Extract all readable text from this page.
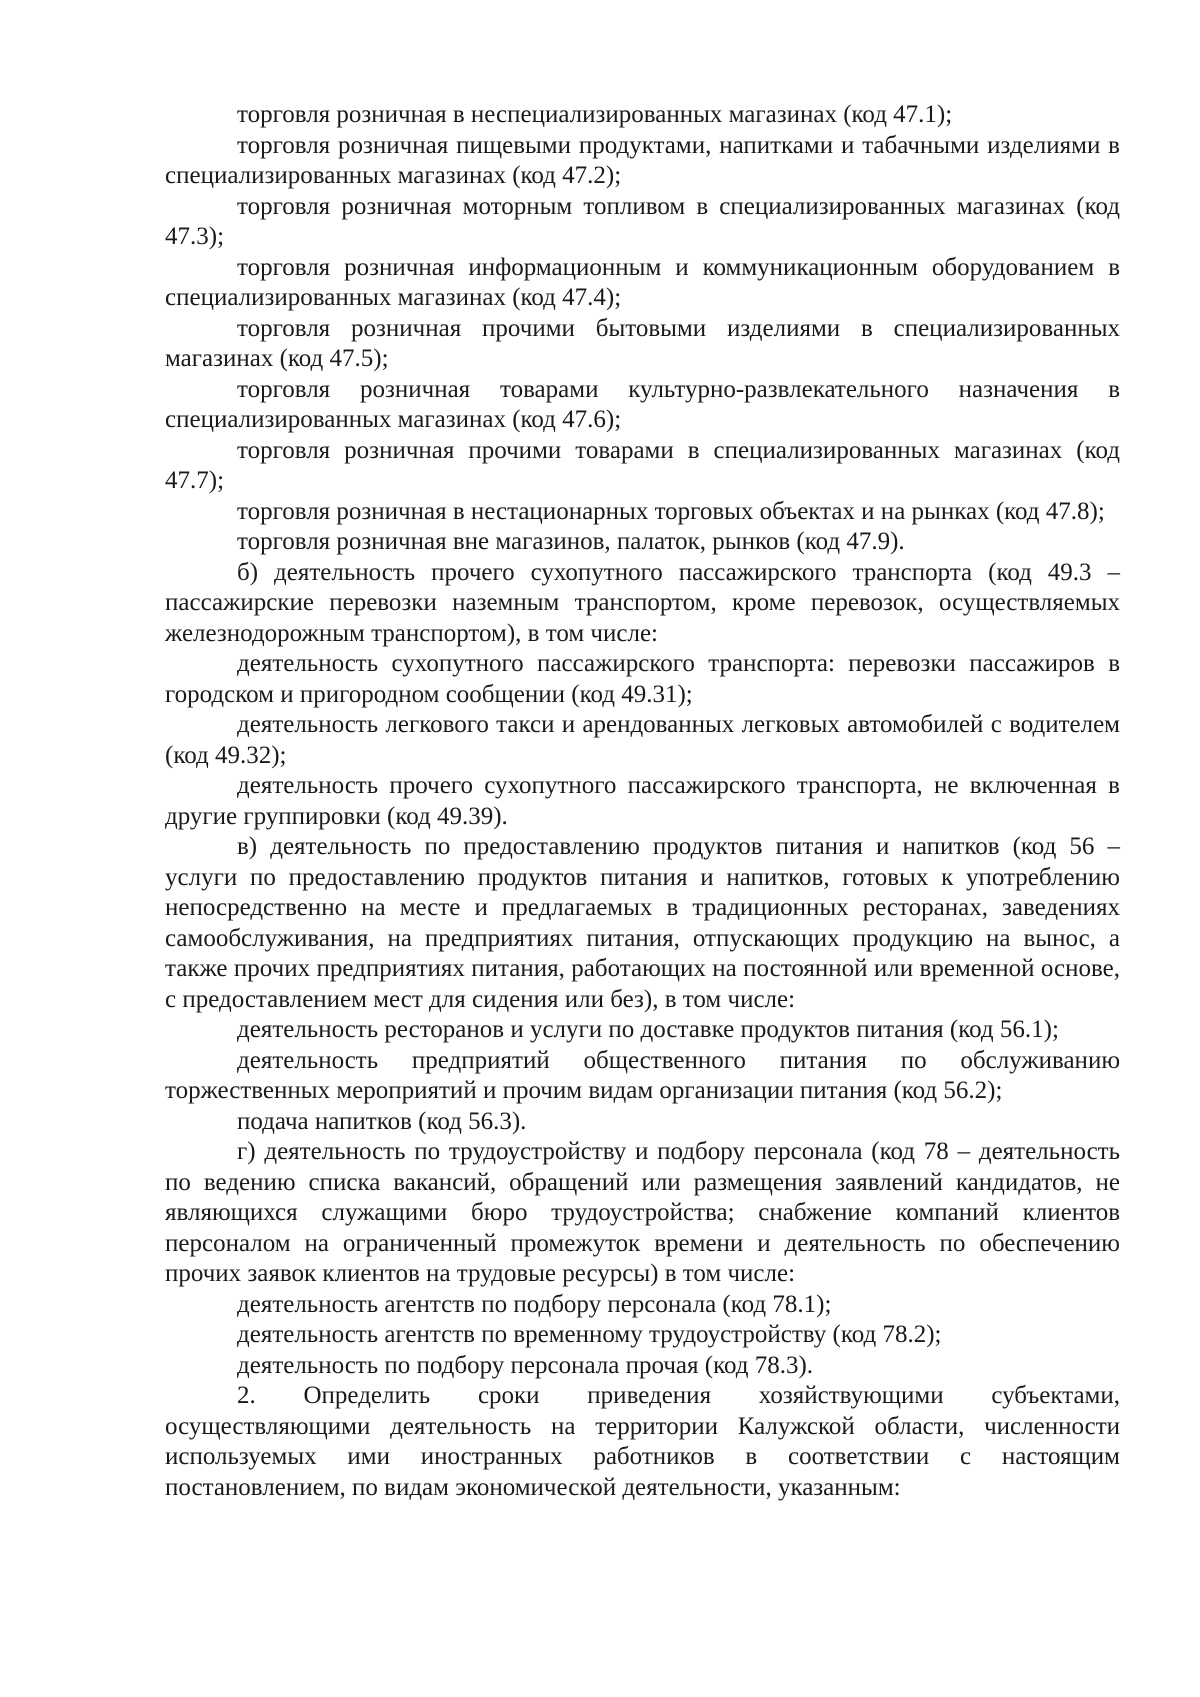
торговля розничная в неспециализированных магазинах (код 47.1);

торговля розничная пищевыми продуктами, напитками и табачными изделиями в специализированных магазинах (код 47.2);

торговля розничная моторным топливом в специализированных магазинах (код 47.3);

торговля розничная информационным и коммуникационным оборудованием в специализированных магазинах (код 47.4);

торговля розничная прочими бытовыми изделиями в специализированных магазинах (код 47.5);

торговля розничная товарами культурно-развлекательного назначения в специализированных магазинах (код 47.6);

торговля розничная прочими товарами в специализированных магазинах (код 47.7);

торговля розничная в нестационарных торговых объектах и на рынках (код 47.8);

торговля розничная вне магазинов, палаток, рынков (код 47.9).

б) деятельность прочего сухопутного пассажирского транспорта (код 49.3 – пассажирские перевозки наземным транспортом, кроме перевозок, осуществляемых железнодорожным транспортом), в том числе:

деятельность сухопутного пассажирского транспорта: перевозки пассажиров в городском и пригородном сообщении (код 49.31);

деятельность легкового такси и арендованных легковых автомобилей с водителем (код 49.32);

деятельность прочего сухопутного пассажирского транспорта, не включенная в другие группировки (код 49.39).

в) деятельность по предоставлению продуктов питания и напитков (код 56 – услуги по предоставлению продуктов питания и напитков, готовых к употреблению непосредственно на месте и предлагаемых в традиционных ресторанах, заведениях самообслуживания, на предприятиях питания, отпускающих продукцию на вынос, а также прочих предприятиях питания, работающих на постоянной или временной основе, с предоставлением мест для сидения или без), в том числе:

деятельность ресторанов и услуги по доставке продуктов питания (код 56.1);

деятельность предприятий общественного питания по обслуживанию торжественных мероприятий и прочим видам организации питания (код 56.2);

подача напитков (код 56.3).

г) деятельность по трудоустройству и подбору персонала (код 78 – деятельность по ведению списка вакансий, обращений или размещения заявлений кандидатов, не являющихся служащими бюро трудоустройства; снабжение компаний клиентов персоналом на ограниченный промежуток времени и деятельность по обеспечению прочих заявок клиентов на трудовые ресурсы) в том числе:

деятельность агентств по подбору персонала (код 78.1);

деятельность агентств по временному трудоустройству (код 78.2);

деятельность по подбору персонала прочая (код 78.3).

2. Определить сроки приведения хозяйствующими субъектами, осуществляющими деятельность на территории Калужской области, численности используемых ими иностранных работников в соответствии с настоящим постановлением, по видам экономической деятельности, указанным:
